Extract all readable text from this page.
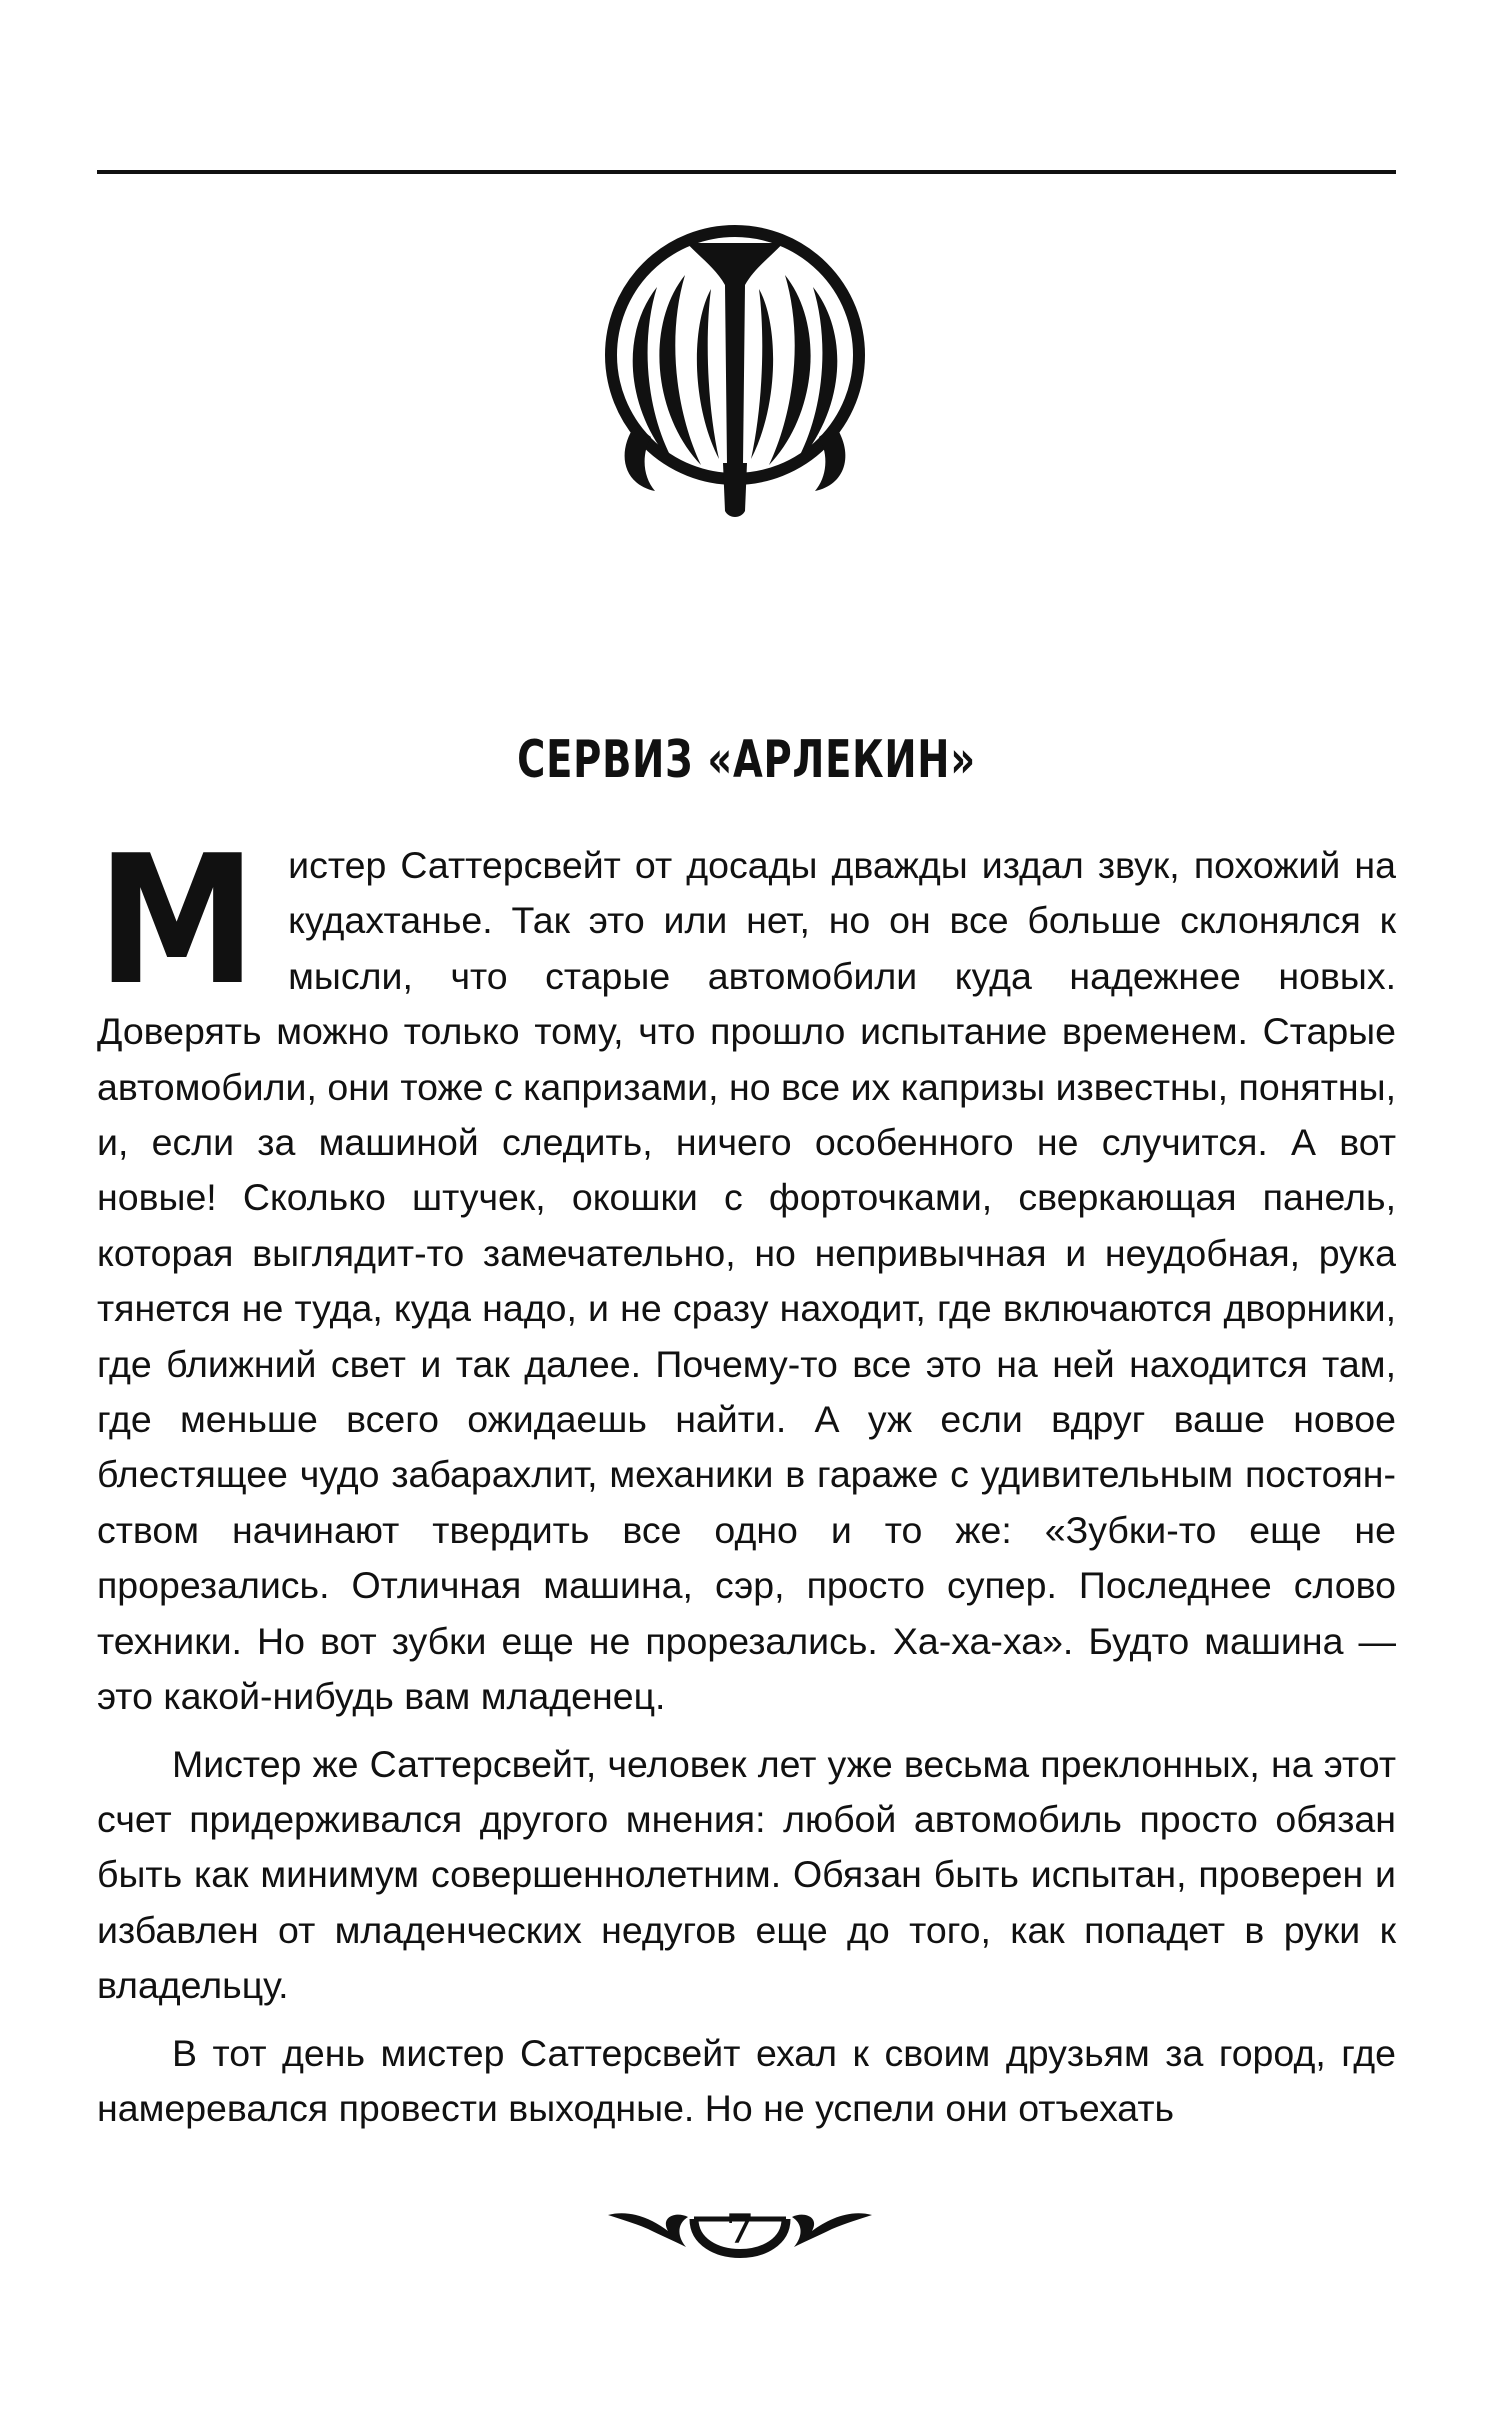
СЕРВИЗ «АРЛЕКИН»

Мистер Саттерсвейт от досады дважды издал звук, похожий на кудахтанье. Так это или нет, но он все больше склонялся к мысли, что старые автомобили куда надежнее новых. Доверять можно только тому, что прошло испытание временем. Старые автомобили, они тоже с капризами, но все их капризы известны, понятны, и, если за машиной следить, ничего особенного не случится. А вот новые! Сколько штучек, окошки с форточками, сверкающая панель, которая выглядит-то замечательно, но непривычная и неудобная, рука тянется не туда, куда надо, и не сразу находит, где включаются дворники, где ближний свет и так далее. Почему-то все это на ней находится там, где меньше всего ожидаешь найти. А уж если вдруг ваше новое блестящее чудо забарахлит, механики в гараже с удивительным постоянством начинают твердить все одно и то же: «Зубки-то еще не прорезались. Отличная машина, сэр, просто супер. Последнее слово техники. Но вот зубки еще не прорезались. Ха-ха-ха». Будто машина — это какой-нибудь вам младенец.

Мистер же Саттерсвейт, человек лет уже весьма преклонных, на этот счет придерживался другого мнения: любой автомобиль просто обязан быть как минимум совершеннолетним. Обязан быть испытан, проверен и избавлен от младенческих недугов еще до того, как попадет в руки к владельцу.

В тот день мистер Саттерсвейт ехал к своим друзьям за город, где намеревался провести выходные. Но не успели они отъехать

7
